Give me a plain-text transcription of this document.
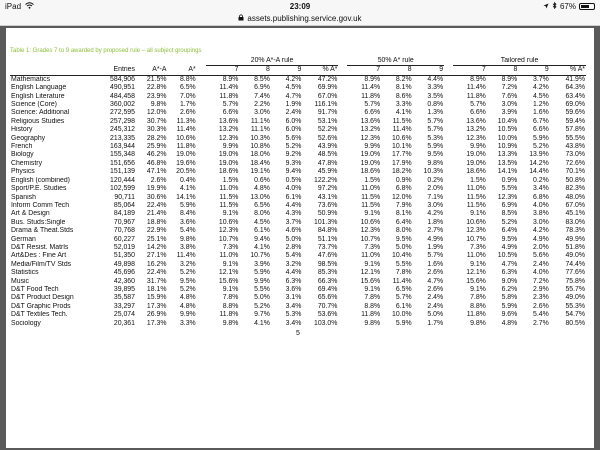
iPad	23:09	67%
assets.publishing.service.gov.uk
Table 1: Grades 7 to 9 awarded by proposed rule – all subject groupings
					20% A*-A rule					50% A* rule				Tailored rule			
	Entries	A*-A	A*		7	8	9	% A*		7	8	9		7	8	9	% A*
Mathematics	584,906	21.5%	8.8%		8.9%	8.5%	4.2%	47.2%		8.9%	8.2%	4.4%		8.9%	8.9%	3.7%	41.9%
English Language	490,951	22.8%	6.5%		11.4%	6.9%	4.5%	69.9%		11.4%	8.1%	3.3%		11.4%	7.2%	4.2%	64.3%
English Literature	484,458	23.9%	7.0%		11.8%	7.4%	4.7%	67.0%		11.8%	8.6%	3.5%		11.8%	7.6%	4.5%	63.4%
Science (Core)	360,002	9.8%	1.7%		5.7%	2.2%	1.9%	116.1%		5.7%	3.3%	0.8%		5.7%	3.0%	1.2%	69.0%
Science: Additional	272,595	12.0%	2.6%		6.6%	3.0%	2.4%	91.7%		6.6%	4.1%	1.3%		6.6%	3.9%	1.6%	59.6%
Religious Studies	257,298	30.7%	11.3%		13.6%	11.1%	6.0%	53.1%		13.6%	11.5%	5.7%		13.6%	10.4%	6.7%	59.4%
History	245,312	30.3%	11.4%		13.2%	11.1%	6.0%	52.2%		13.2%	11.4%	5.7%		13.2%	10.5%	6.6%	57.8%
Geography	213,335	28.2%	10.6%		12.3%	10.3%	5.6%	52.6%		12.3%	10.6%	5.3%		12.3%	10.0%	5.9%	55.5%
French	163,944	25.9%	11.8%		9.9%	10.8%	5.2%	43.9%		9.9%	10.1%	5.9%		9.9%	10.9%	5.2%	43.8%
Biology	155,348	46.2%	19.0%		19.0%	18.0%	9.2%	48.5%		19.0%	17.7%	9.5%		19.0%	13.3%	13.9%	73.0%
Chemistry	151,656	46.8%	19.6%		19.0%	18.4%	9.3%	47.8%		19.0%	17.9%	9.8%		19.0%	13.5%	14.2%	72.6%
Physics	151,139	47.1%	20.5%		18.6%	19.1%	9.4%	45.9%		18.6%	18.2%	10.3%		18.6%	14.1%	14.4%	70.1%
English (combined)	120,444	2.6%	0.4%		1.5%	0.6%	0.5%	122.2%		1.5%	0.9%	0.2%		1.5%	0.9%	0.2%	50.8%
Sport/P.E. Studies	102,599	19.9%	4.1%		11.0%	4.8%	4.0%	97.2%		11.0%	6.8%	2.0%		11.0%	5.5%	3.4%	82.3%
Spanish	90,711	30.6%	14.1%		11.5%	13.0%	6.1%	43.1%		11.5%	12.0%	7.1%		11.5%	12.3%	6.8%	48.0%
Inform Comm Tech	85,064	22.4%	5.9%		11.5%	6.5%	4.4%	73.6%		11.5%	7.9%	3.0%		11.5%	6.9%	4.0%	67.0%
Art & Design	84,189	21.4%	8.4%		9.1%	8.0%	4.3%	50.9%		9.1%	8.1%	4.2%		9.1%	8.5%	3.8%	45.1%
Bus. Studs:Single	70,967	18.8%	3.6%		10.6%	4.5%	3.7%	101.3%		10.6%	6.4%	1.8%		10.6%	5.2%	3.0%	83.0%
Drama & Theat.Stds	70,768	22.9%	5.4%		12.3%	6.1%	4.6%	84.8%		12.3%	8.0%	2.7%		12.3%	6.4%	4.2%	78.3%
German	60,227	25.1%	9.8%		10.7%	9.4%	5.0%	51.1%		10.7%	9.5%	4.9%		10.7%	9.5%	4.9%	49.9%
D&T Resist. Matrls	52,019	14.2%	3.8%		7.3%	4.1%	2.8%	73.7%		7.3%	5.0%	1.9%		7.3%	4.9%	2.0%	51.8%
Art&Des : Fine Art	51,350	27.1%	11.4%		11.0%	10.7%	5.4%	47.6%		11.0%	10.4%	5.7%		11.0%	10.5%	5.6%	49.0%
Media/Film/TV Stds	49,898	16.2%	3.2%		9.1%	3.9%	3.2%	98.5%		9.1%	5.5%	1.6%		9.1%	4.7%	2.4%	74.4%
Statistics	45,696	22.4%	5.2%		12.1%	5.9%	4.4%	85.3%		12.1%	7.8%	2.6%		12.1%	6.3%	4.0%	77.6%
Music	42,360	31.7%	9.5%		15.6%	9.9%	6.3%	66.3%		15.6%	11.4%	4.7%		15.6%	9.0%	7.2%	75.8%
D&T Food Tech	39,895	18.1%	5.2%		9.1%	5.5%	3.6%	69.4%		9.1%	6.5%	2.6%		9.1%	6.2%	2.9%	55.7%
D&T Product Design	35,587	15.9%	4.8%		7.8%	5.0%	3.1%	65.6%		7.8%	5.7%	2.4%		7.8%	5.8%	2.3%	49.0%
D&T Graphic Prods	33,297	17.3%	4.8%		8.8%	5.2%	3.4%	70.7%		8.8%	6.1%	2.4%		8.8%	5.9%	2.6%	55.3%
D&T Textiles Tech.	25,074	26.9%	9.9%		11.8%	9.7%	5.3%	53.6%		11.8%	10.0%	5.0%		11.8%	9.6%	5.4%	54.7%
Sociology	20,361	17.3%	3.3%		9.8%	4.1%	3.4%	103.0%		9.8%	5.9%	1.7%		9.8%	4.8%	2.7%	80.5%
5
